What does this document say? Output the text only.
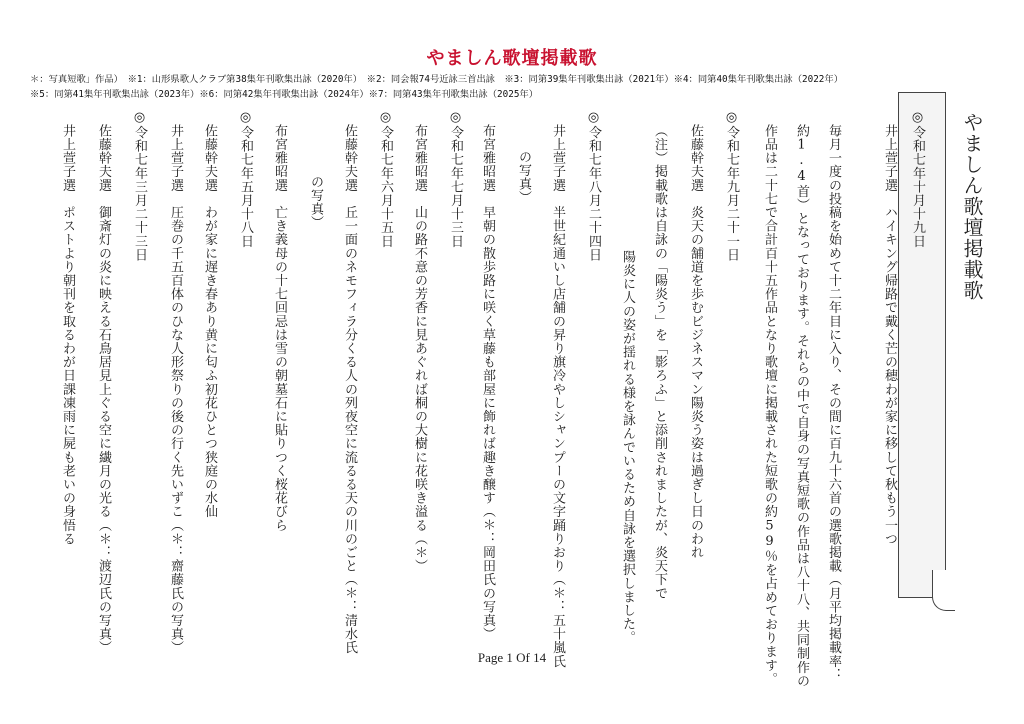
やましん歌壇掲載歌
＊：写真短歌」作品）　※1：山形県歌人クラブ第38集年刊歌集出詠（2020年）　※2：同会報74号近詠三首出詠　※3：同第39集年刊歌集出詠（2021年）※4：同第40集年刊歌集出詠（2022年）
※5：同第41集年刊歌集出詠（2023年）※6：同第42集年刊歌集出詠（2024年）※7：同第43集年刊歌集出詠（2025年）
やましん歌壇掲載歌
◎令和七年十月十九日
井上萱子選　ハイキング帰路で戴く芒の穂わが家に移して秋もう一つ
毎月一度の投稿を始めて十二年目に入り、その間に百九十六首の選歌掲載（月平均掲載率：
約1.4首）となっております。それらの中で自身の写真短歌の作品は八十八、共同制作の
作品は二十七で合計百十五作品となり歌壇に掲載された短歌の約59％を占めております。
◎令和七年九月二十一日
佐藤幹夫選　炎天の舗道を歩むビジネスマン陽炎う姿は過ぎし日のわれ
（注）掲載歌は自詠の「陽炎う」を「影ろふ」と添削されましたが、炎天下で
陽炎に人の姿が揺れる様を詠んでいるため自詠を選択しました。
◎令和七年八月二十四日
井上萱子選　半世紀通いし店舗の昇り旗冷やしシャンプーの文字踊りおり（＊：五十嵐氏
の写真）
◎令和七年七月十三日 布宮雅昭選　早朝の散歩路に咲く草藤も部屋に飾れば趣き醸す（＊：岡田氏の写真）
布宮雅昭選　山の路不意の芳香に見あぐれば桐の大樹に花咲き溢る（＊）
◎令和七年六月十五日
佐藤幹夫選　丘一面のネモフィラ分くる人の列夜空に流るる天の川のごと（＊：清水氏
の写真）
布宮雅昭選　亡き義母の十七回忌は雪の朝墓石に貼りつく桜花びら
◎令和七年五月十八日
佐藤幹夫選　わが家に遅き春あり黄に匂ふ初花ひとつ狭庭の水仙
井上萱子選　圧巻の千五百体のひな人形祭りの後の行く先いずこ（＊：齋藤氏の写真）
◎令和七年三月二十三日
佐藤幹夫選　御斎灯の炎に映える石鳥居見上ぐる空に繊月の光る（＊：渡辺氏の写真）
井上萱子選　ポストより朝刊を取るわが日課凍雨に屍も老いの身悟る
Page 1 Of 14
